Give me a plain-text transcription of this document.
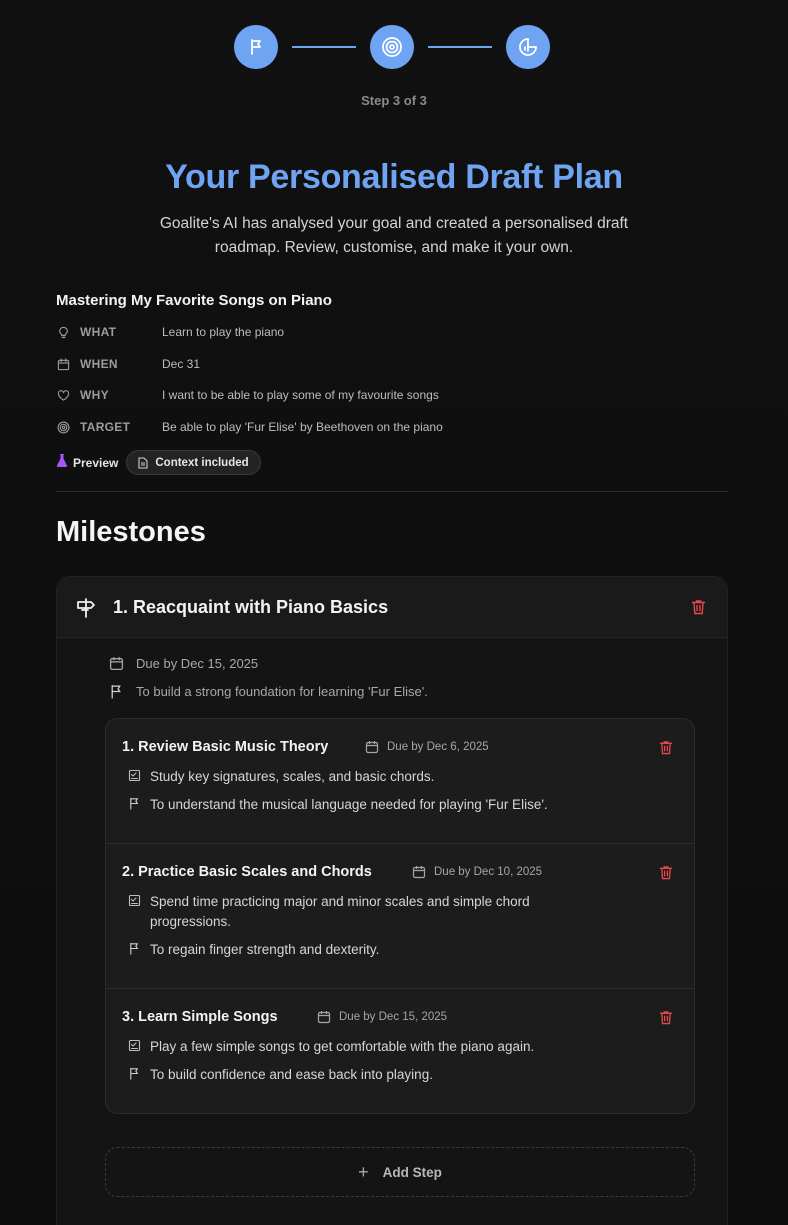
Step 3 of 3
Your Personalised Draft Plan

Goalite's AI has analysed your goal and created a personalised draft roadmap. Review, customise, and make it your own.

Mastering My Favorite Songs on Piano
WHAT	Learn to play the piano
WHEN	Dec 31
WHY	I want to be able to play some of my favourite songs
TARGET	Be able to play 'Fur Elise' by Beethoven on the piano
Preview	Context included
Milestones
1. Reacquaint with Piano Basics
Due by Dec 15, 2025
To build a strong foundation for learning 'Fur Elise'.
1. Review Basic Music Theory	Due by Dec 6, 2025
Study key signatures, scales, and basic chords.
To understand the musical language needed for playing 'Fur Elise'.
2. Practice Basic Scales and Chords	Due by Dec 10, 2025
Spend time practicing major and minor scales and simple chord progressions.
To regain finger strength and dexterity.
3. Learn Simple Songs	Due by Dec 15, 2025
Play a few simple songs to get comfortable with the piano again.
To build confidence and ease back into playing.
+ Add Step
